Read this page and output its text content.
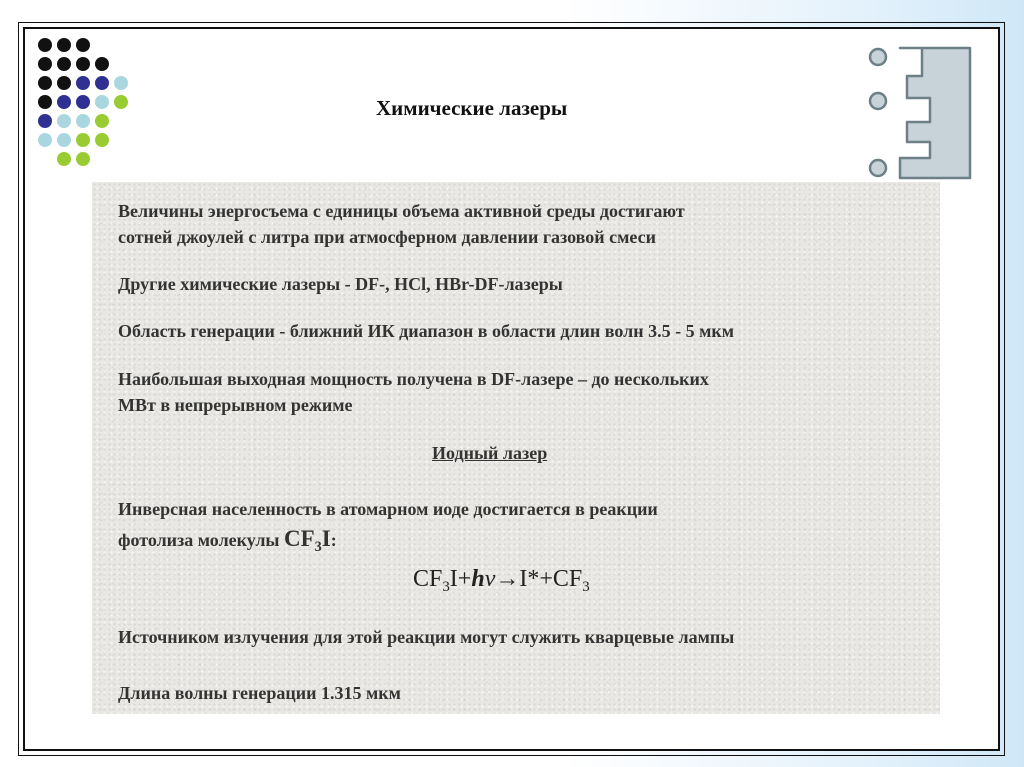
Химические лазеры

Величины энергосъема с единицы объема активной среды достигают

сотней джоулей с литра при атмосферном давлении газовой смеси

Другие химические лазеры - DF-, HCl, HBr-DF-лазеры

Область генерации - ближний ИК диапазон в области длин волн 3.5 - 5 мкм

Наибольшая выходная мощность получена в DF-лазере – до нескольких

МВт в непрерывном режиме

Иодный лазер

Инверсная населенность в атомарном иоде достигается в реакции

фотолиза молекулы $CF_3I$:

$CF_3I+h\nu\to I*+CF_3$

Источником излучения для этой реакции могут служить кварцевые лампы

Длина волны генерации 1.315 мкм
